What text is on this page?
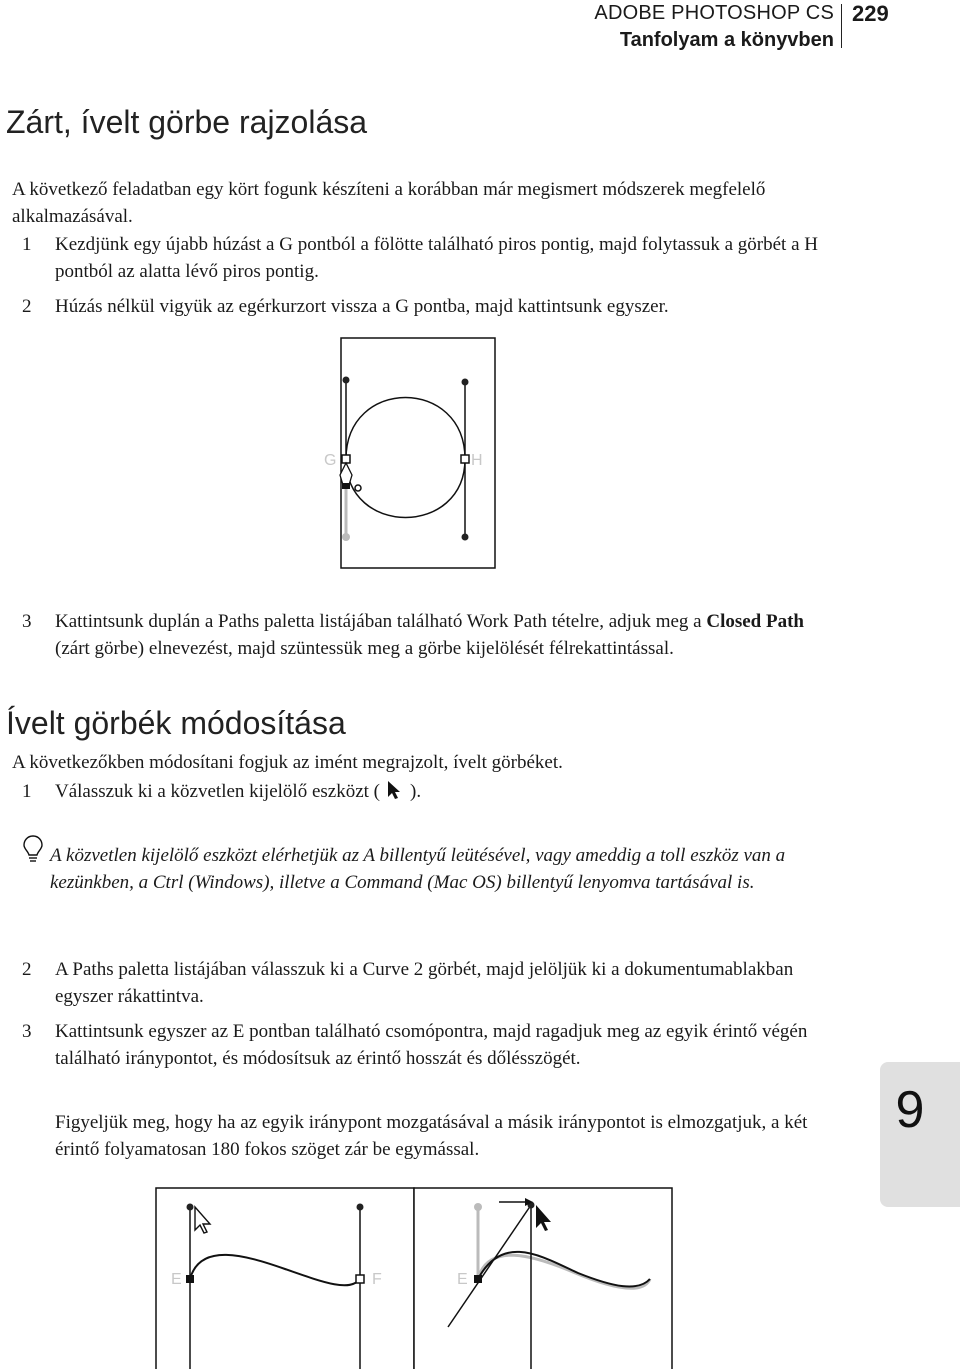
ADOBE PHOTOSHOP CS
Tanfolyam a könyvben
229
Zárt, ívelt görbe rajzolása
A következő feladatban egy kört fogunk készíteni a korábban már megismert módszerek megfelelő alkalmazásával.
1	Kezdjünk egy újabb húzást a G pontból a fölötte található piros pontig, majd folytassuk a görbét a H pontból az alatta lévő piros pontig.
2	Húzás nélkül vigyük az egérkurzort vissza a G pontba, majd kattintsunk egyszer.
G	H
3	Kattintsunk duplán a Paths paletta listájában található Work Path tételre, adjuk meg a Closed Path (zárt görbe) elnevezést, majd szüntessük meg a görbe kijelölését félrekattintással.
Ívelt görbék módosítása
A következőkben módosítani fogjuk az imént megrajzolt, ívelt görbéket.
1	Válasszuk ki a közvetlen kijelölő eszközt ( ).
A közvetlen kijelölő eszközt elérhetjük az A billentyű leütésével, vagy ameddig a toll eszköz van a kezünkben, a Ctrl (Windows), illetve a Command (Mac OS) billentyű lenyomva tartásával is.
2	A Paths paletta listájában válasszuk ki a Curve 2 görbét, majd jelöljük ki a dokumentumablakban egyszer rákattintva.
3	Kattintsunk egyszer az E pontban található csomópontra, majd ragadjuk meg az egyik érintő végén található iránypontot, és módosítsuk az érintő hosszát és dőlésszögét.
Figyeljük meg, hogy ha az egyik iránypont mozgatásával a másik iránypontot is elmozgatjuk, a két érintő folyamatosan 180 fokos szöget zár be egymással.
9
E	F	E
